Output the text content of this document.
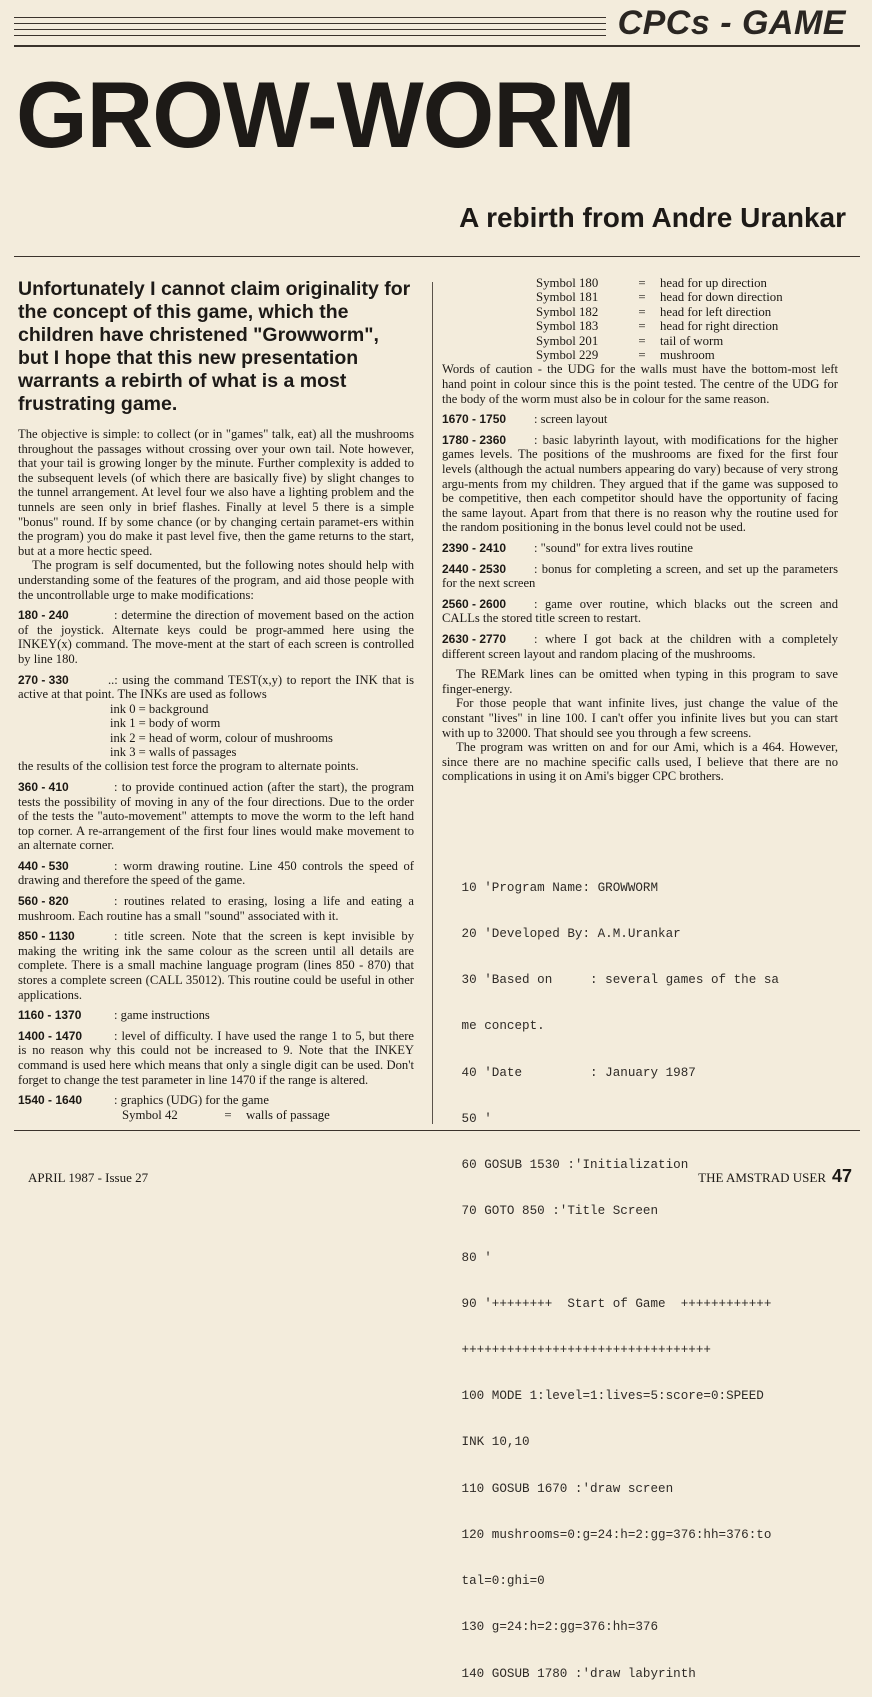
CPCs - GAME
GROW-WORM
A rebirth from Andre Urankar
Unfortunately I cannot claim originality for the concept of this game, which the children have christened "Growworm", but I hope that this new presentation warrants a rebirth of what is a most frustrating game.

The objective is simple: to collect (or in "games" talk, eat) all the mushrooms throughout the passages without crossing over your own tail. Note however, that your tail is growing longer by the minute. Further complexity is added to the subsequent levels (of which there are basically five) by slight changes to the tunnel arrangement. At level four we also have a lighting problem and the tunnels are seen only in brief flashes. Finally at level 5 there is a simple "bonus" round. If by some chance (or by changing certain paramet-ers within the program) you do make it past level five, then the game returns to the start, but at a more hectic speed.

The program is self documented, but the following notes should help with understanding some of the features of the program, and aid those people with the uncontrollable urge to make modifications:

180 - 240	: determine the direction of movement based on the action of the joystick. Alternate keys could be progr-ammed here using the INKEY(x) command. The move-ment at the start of each screen is controlled by line 180.

270 - 330	..: using the command TEST(x,y) to report the INK that is active at that point. The INKs are used as follows

ink 0 = background
ink 1 = body of worm
ink 2 = head of worm, colour of mushrooms
ink 3 = walls of passages

the results of the collision test force the program to alternate points.

360 - 410	: to provide continued action (after the start), the program tests the possibility of moving in any of the four directions. Due to the order of the tests the "auto-movement" attempts to move the worm to the left hand top corner. A re-arrangement of the first four lines would make movement to an alternate corner.

440 - 530	: worm drawing routine. Line 450 controls the speed of drawing and therefore the speed of the game.

560 - 820	: routines related to erasing, losing a life and eating a mushroom. Each routine has a small "sound" associated with it.

850 - 1130	: title screen. Note that the screen is kept invisible by making the writing ink the same colour as the screen until all details are complete. There is a small machine language program (lines 850 - 870) that stores a complete screen (CALL 35012). This routine could be useful in other applications.

1160 - 1370	: game instructions

1400 - 1470	: level of difficulty. I have used the range 1 to 5, but there is no reason why this could not be increased to 9. Note that the INKEY command is used here which means that only a single digit can be used. Don't forget to change the test parameter in line 1470 if the range is altered.

1540 - 1640	: graphics (UDG) for the game

Symbol 42	=	walls of passage
Symbol 180	=	head for up direction
Symbol 181	=	head for down direction
Symbol 182	=	head for left direction
Symbol 183	=	head for right direction
Symbol 201	=	tail of worm
Symbol 229	=	mushroom

Words of caution - the UDG for the walls must have the bottom-most left hand point in colour since this is the point tested. The centre of the UDG for the body of the worm must also be in colour for the same reason.

1670 - 1750 : screen layout

1780 - 2360 : basic labyrinth layout, with modifications for the higher games levels. The positions of the mushrooms are fixed for the first four levels (although the actual numbers appearing do vary) because of very strong argu-ments from my children. They argued that if the game was supposed to be competitive, then each competitor should have the opportunity of facing the same layout. Apart from that there is no reason why the routine used for the random positioning in the bonus level could not be used.

2390 - 2410 : "sound" for extra lives routine

2440 - 2530 : bonus for completing a screen, and set up the parameters for the next screen

2560 - 2600 : game over routine, which blacks out the screen and CALLs the stored title screen to restart.

2630 - 2770 : where I got back at the children with a completely different screen layout and random placing of the mushrooms.

The REMark lines can be omitted when typing in this program to save finger-energy.

For those people that want infinite lives, just change the value of the constant "lives" in line 100. I can't offer you infinite lives but you can start with up to 32000. That should see you through a few screens.

The program was written on and for our Ami, which is a 464. However, since there are no machine specific calls used, I believe that there are no complications in using it on Ami's bigger CPC brothers.

10 'Program Name: GROWWORM

20 'Developed By: A.M.Urankar

30 'Based on     : several games of the sa

me concept.

40 'Date         : January 1987

50 '

60 GOSUB 1530 :'Initialization

70 GOTO 850 :'Title Screen

80 '

90 '++++++++  Start of Game  ++++++++++++

+++++++++++++++++++++++++++++++++

100 MODE 1:level=1:lives=5:score=0:SPEED

INK 10,10

110 GOSUB 1670 :'draw screen

120 mushrooms=0:g=24:h=2:gg=376:hh=376:to

tal=0:ghi=0

130 g=24:h=2:gg=376:hh=376

140 GOSUB 1780 :'draw labyrinth

APRIL 1987 - Issue 27	THE AMSTRAD USER 47
